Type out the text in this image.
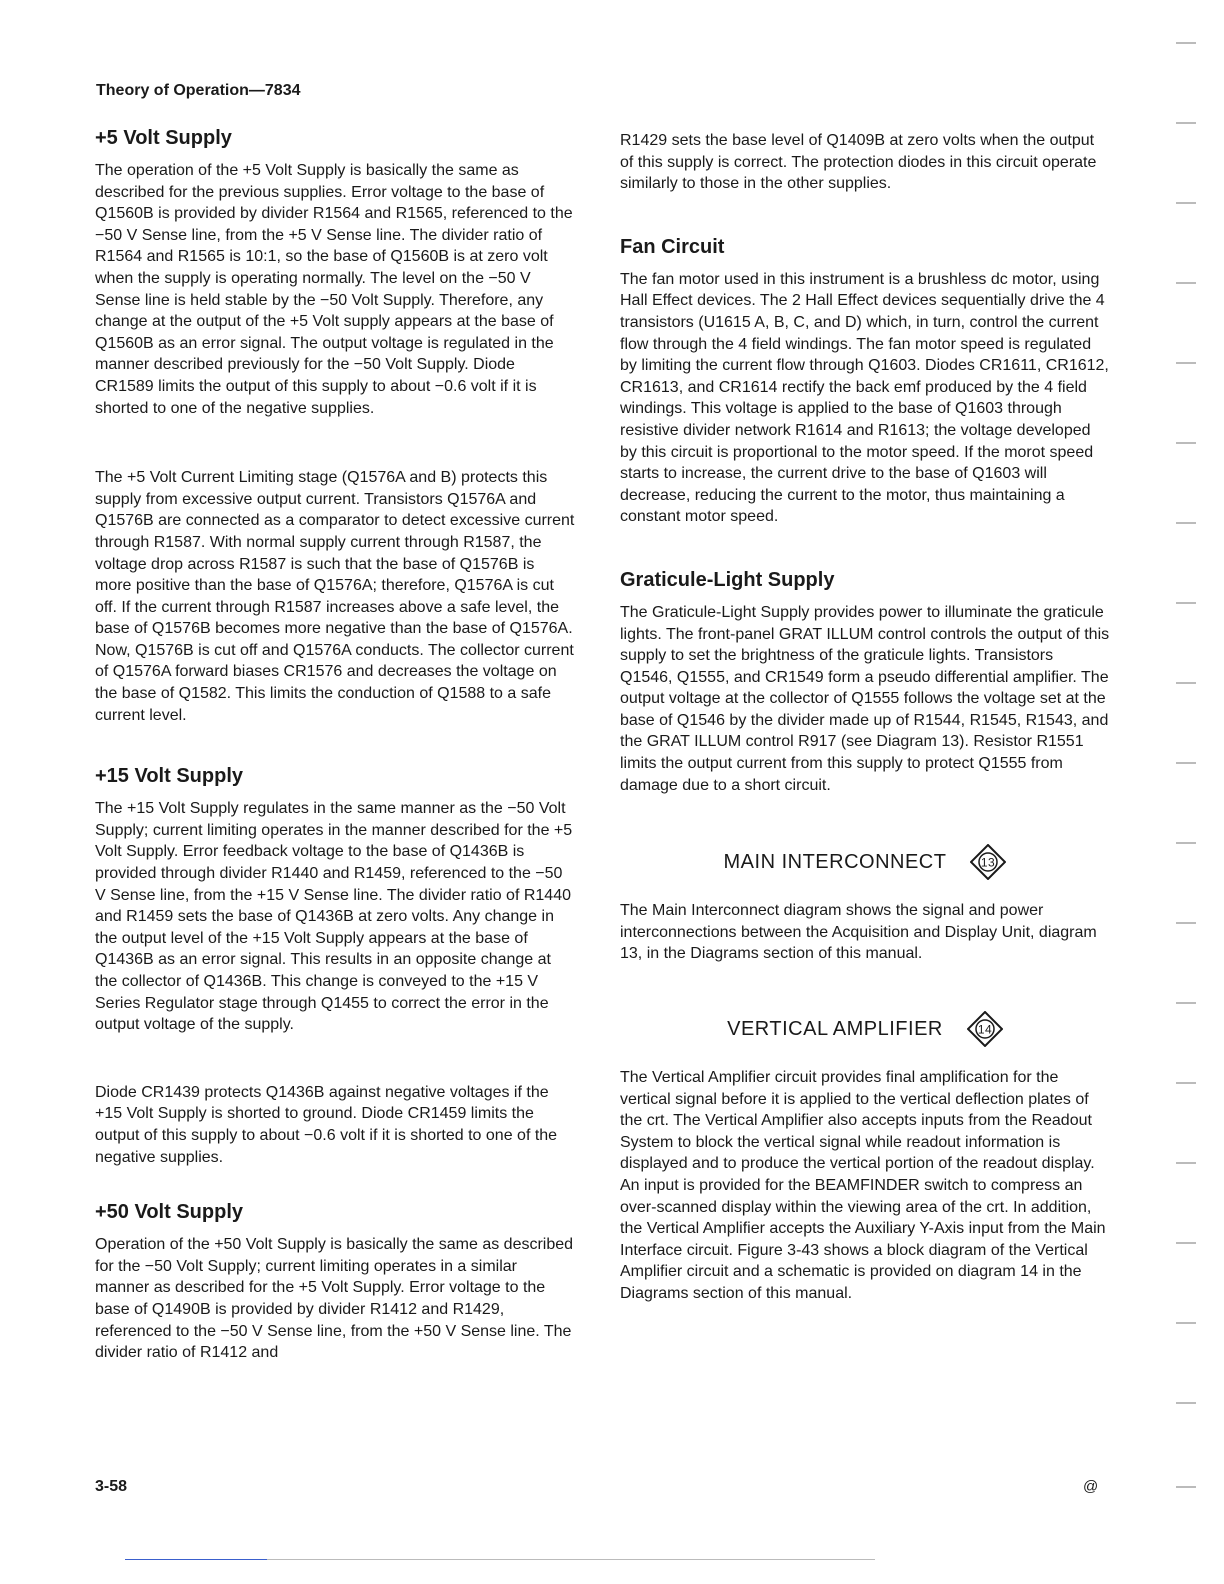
Theory of Operation—7834
+5 Volt Supply

The operation of the +5 Volt Supply is basically the same as described for the previous supplies. Error voltage to the base of Q1560B is provided by divider R1564 and R1565, referenced to the −50 V Sense line, from the +5 V Sense line. The divider ratio of R1564 and R1565 is 10:1, so the base of Q1560B is at zero volt when the supply is operating normally. The level on the −50 V Sense line is held stable by the −50 Volt Supply. Therefore, any change at the output of the +5 Volt supply appears at the base of Q1560B as an error signal. The output voltage is regulated in the manner described previously for the −50 Volt Supply. Diode CR1589 limits the output of this supply to about −0.6 volt if it is shorted to one of the negative supplies.

The +5 Volt Current Limiting stage (Q1576A and B) protects this supply from excessive output current. Transistors Q1576A and Q1576B are connected as a comparator to detect excessive current through R1587. With normal supply current through R1587, the voltage drop across R1587 is such that the base of Q1576B is more positive than the base of Q1576A; therefore, Q1576A is cut off. If the current through R1587 increases above a safe level, the base of Q1576B becomes more negative than the base of Q1576A. Now, Q1576B is cut off and Q1576A conducts. The collector current of Q1576A forward biases CR1576 and decreases the voltage on the base of Q1582. This limits the conduction of Q1588 to a safe current level.

+15 Volt Supply

The +15 Volt Supply regulates in the same manner as the −50 Volt Supply; current limiting operates in the manner described for the +5 Volt Supply. Error feedback voltage to the base of Q1436B is provided through divider R1440 and R1459, referenced to the −50 V Sense line, from the +15 V Sense line. The divider ratio of R1440 and R1459 sets the base of Q1436B at zero volts. Any change in the output level of the +15 Volt Supply appears at the base of Q1436B as an error signal. This results in an opposite change at the collector of Q1436B. This change is conveyed to the +15 V Series Regulator stage through Q1455 to correct the error in the output voltage of the supply.

Diode CR1439 protects Q1436B against negative voltages if the +15 Volt Supply is shorted to ground. Diode CR1459 limits the output of this supply to about −0.6 volt if it is shorted to one of the negative supplies.

+50 Volt Supply

Operation of the +50 Volt Supply is basically the same as described for the −50 Volt Supply; current limiting operates in a similar manner as described for the +5 Volt Supply. Error voltage to the base of Q1490B is provided by divider R1412 and R1429, referenced to the −50 V Sense line, from the +50 V Sense line. The divider ratio of R1412 and

R1429 sets the base level of Q1409B at zero volts when the output of this supply is correct. The protection diodes in this circuit operate similarly to those in the other supplies.

Fan Circuit

The fan motor used in this instrument is a brushless dc motor, using Hall Effect devices. The 2 Hall Effect devices sequentially drive the 4 transistors (U1615 A, B, C, and D) which, in turn, control the current flow through the 4 field windings. The fan motor speed is regulated by limiting the current flow through Q1603. Diodes CR1611, CR1612, CR1613, and CR1614 rectify the back emf produced by the 4 field windings. This voltage is applied to the base of Q1603 through resistive divider network R1614 and R1613; the voltage developed by this circuit is proportional to the motor speed. If the morot speed starts to increase, the current drive to the base of Q1603 will decrease, reducing the current to the motor, thus maintaining a constant motor speed.

Graticule-Light Supply

The Graticule-Light Supply provides power to illuminate the graticule lights. The front-panel GRAT ILLUM control controls the output of this supply to set the brightness of the graticule lights. Transistors Q1546, Q1555, and CR1549 form a pseudo differential amplifier. The output voltage at the collector of Q1555 follows the voltage set at the base of Q1546 by the divider made up of R1544, R1545, R1543, and the GRAT ILLUM control R917 (see Diagram 13). Resistor R1551 limits the output current from this supply to protect Q1555 from damage due to a short circuit.

MAIN INTERCONNECT	13

The Main Interconnect diagram shows the signal and power interconnections between the Acquisition and Display Unit, diagram 13, in the Diagrams section of this manual.

VERTICAL AMPLIFIER	14

The Vertical Amplifier circuit provides final amplification for the vertical signal before it is applied to the vertical deflection plates of the crt. The Vertical Amplifier also accepts inputs from the Readout System to block the vertical signal while readout information is displayed and to produce the vertical portion of the readout display. An input is provided for the BEAMFINDER switch to compress an over-scanned display within the viewing area of the crt. In addition, the Vertical Amplifier accepts the Auxiliary Y-Axis input from the Main Interface circuit. Figure 3-43 shows a block diagram of the Vertical Amplifier circuit and a schematic is provided on diagram 14 in the Diagrams section of this manual.

3-58	@
